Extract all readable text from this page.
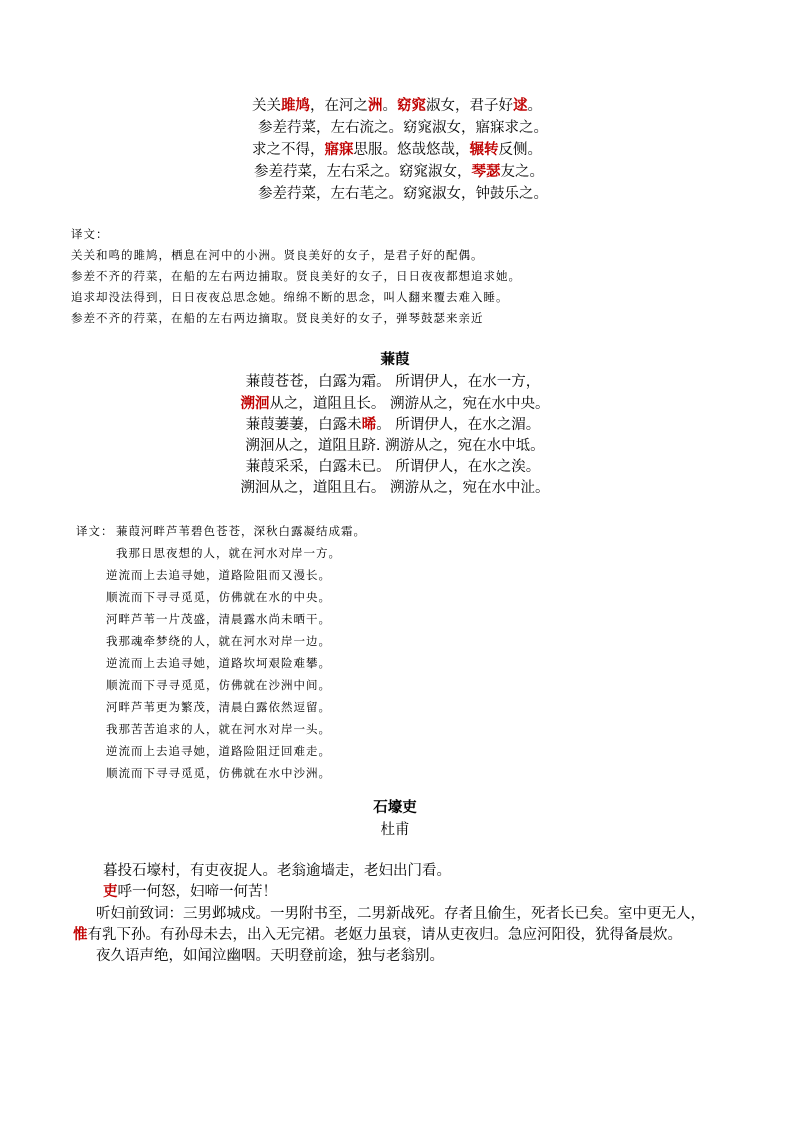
关关雎鸠，在河之洲。窈窕淑女，君子好逑。
参差荇菜，左右流之。窈窕淑女，寤寐求之。
求之不得，寤寐思服。悠哉悠哉，辗转反侧。
参差荇菜，左右采之。窈窕淑女，琴瑟友之。
参差荇菜，左右芼之。窈窕淑女，钟鼓乐之。
译文：
关关和鸣的雎鸠，栖息在河中的小洲。贤良美好的女子，是君子好的配偶。
参差不齐的荇菜，在船的左右两边捕取。贤良美好的女子，日日夜夜都想追求她。
追求却没法得到，日日夜夜总思念她。绵绵不断的思念，叫人翻来覆去难入睡。
参差不齐的荇菜，在船的左右两边摘取。贤良美好的女子，弹琴鼓瑟来亲近
蒹葭
蒹葭苍苍，白露为霜。 所谓伊人，在水一方，
溯洄从之，道阻且长。 溯游从之，宛在水中央。
蒹葭萋萋，白露未晞。 所谓伊人，在水之湄。
溯洄从之，道阻且跻. 溯游从之，宛在水中坻。
蒹葭采采，白露未已。 所谓伊人，在水之涘。
溯洄从之，道阻且右。 溯游从之，宛在水中沚。
译文： 蒹葭河畔芦苇碧色苍苍，深秋白露凝结成霜。
我那日思夜想的人，就在河水对岸一方。
逆流而上去追寻她，道路险阻而又漫长。
顺流而下寻寻觅觅，仿佛就在水的中央。
河畔芦苇一片茂盛，清晨露水尚未晒干。
我那魂牵梦绕的人，就在河水对岸一边。
逆流而上去追寻她，道路坎坷艰险难攀。
顺流而下寻寻觅觅，仿佛就在沙洲中间。
河畔芦苇更为繁茂，清晨白露依然逗留。
我那苦苦追求的人，就在河水对岸一头。
逆流而上去追寻她，道路险阻迂回难走。
顺流而下寻寻觅觅，仿佛就在水中沙洲。
石壕吏
杜甫
暮投石壕村，有吏夜捉人。老翁逾墙走，老妇出门看。
吏呼一何怒，妇啼一何苦！
听妇前致词：三男邺城戍。一男附书至，二男新战死。存者且偷生，死者长已矣。室中更无人，
惟有乳下孙。有孙母未去，出入无完裙。老妪力虽衰，请从吏夜归。急应河阳役，犹得备晨炊。
夜久语声绝，如闻泣幽咽。天明登前途，独与老翁别。
